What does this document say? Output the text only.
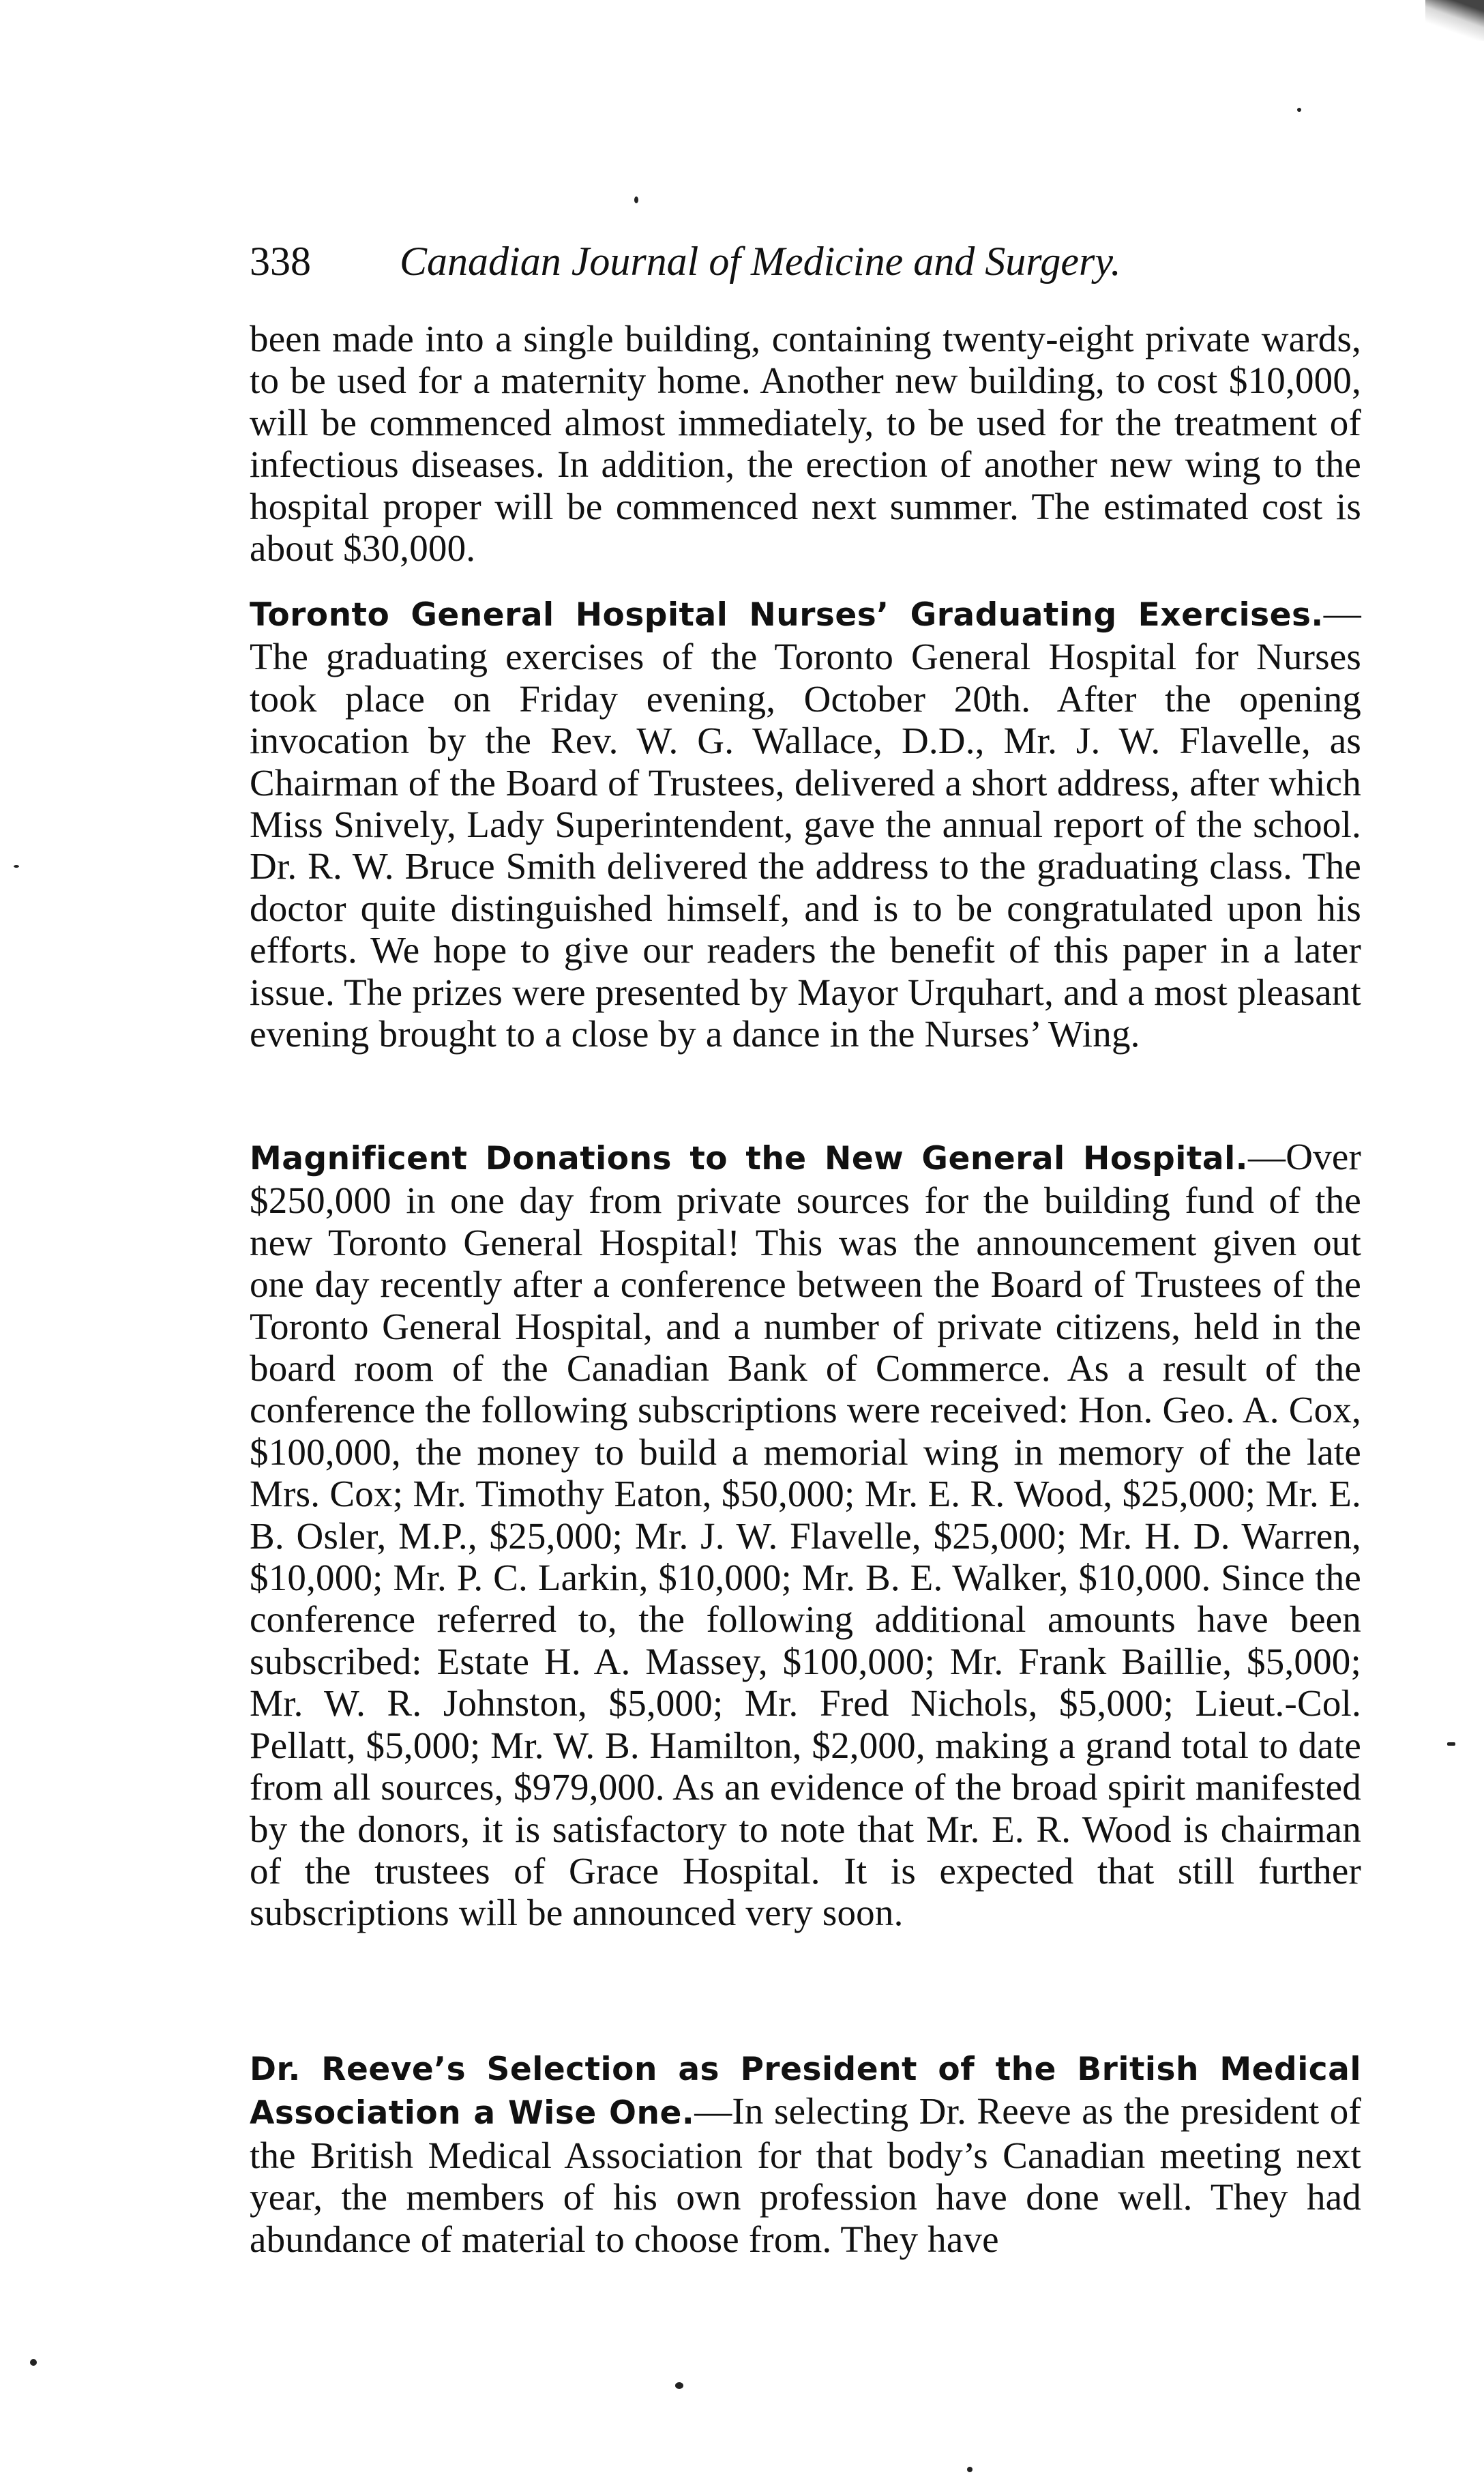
338 Canadian Journal of Medicine and Surgery.
been made into a single building, containing twenty-eight private wards, to be used for a maternity home. Another new building, to cost $10,000, will be commenced almost immediately, to be used for the treatment of infectious diseases. In addition, the erection of another new wing to the hospital proper will be commenced next summer. The estimated cost is about $30,000.
Toronto General Hospital Nurses’ Graduating Exercises.—The graduating exercises of the Toronto General Hospital for Nurses took place on Friday evening, October 20th. After the opening invocation by the Rev. W. G. Wallace, D.D., Mr. J. W. Flavelle, as Chairman of the Board of Trustees, delivered a short address, after which Miss Snively, Lady Superintendent, gave the annual report of the school. Dr. R. W. Bruce Smith delivered the address to the graduating class. The doctor quite distinguished himself, and is to be congratulated upon his efforts. We hope to give our readers the benefit of this paper in a later issue. The prizes were presented by Mayor Urquhart, and a most pleasant evening brought to a close by a dance in the Nurses’ Wing.
Magnificent Donations to the New General Hospital.—Over $250,000 in one day from private sources for the building fund of the new Toronto General Hospital! This was the announcement given out one day recently after a conference between the Board of Trustees of the Toronto General Hospital, and a number of private citizens, held in the board room of the Canadian Bank of Commerce. As a result of the conference the following subscriptions were received: Hon. Geo. A. Cox, $100,000, the money to build a memorial wing in memory of the late Mrs. Cox; Mr. Timothy Eaton, $50,000; Mr. E. R. Wood, $25,000; Mr. E. B. Osler, M.P., $25,000; Mr. J. W. Flavelle, $25,000; Mr. H. D. Warren, $10,000; Mr. P. C. Larkin, $10,000; Mr. B. E. Walker, $10,000. Since the conference referred to, the following additional amounts have been subscribed: Estate H. A. Massey, $100,000; Mr. Frank Baillie, $5,000; Mr. W. R. Johnston, $5,000; Mr. Fred Nichols, $5,000; Lieut.-Col. Pellatt, $5,000; Mr. W. B. Hamilton, $2,000, making a grand total to date from all sources, $979,000. As an evidence of the broad spirit manifested by the donors, it is satisfactory to note that Mr. E. R. Wood is chairman of the trustees of Grace Hospital. It is expected that still further subscriptions will be announced very soon.
Dr. Reeve’s Selection as President of the British Medical Association a Wise One.—In selecting Dr. Reeve as the president of the British Medical Association for that body’s Canadian meeting next year, the members of his own profession have done well. They had abundance of material to choose from. They have
